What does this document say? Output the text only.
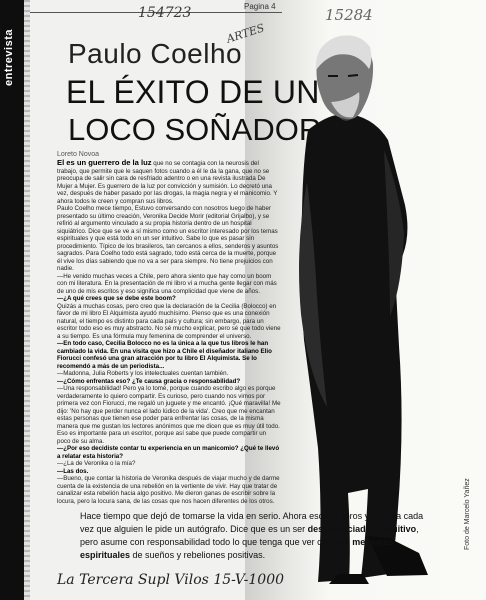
entrevista
Pagina 4
154723
ARTES
15284
Paulo Coelho
EL ÉXITO DE UN
LOCO SOÑADOR
Loreto Novoa

El es un guerrero de la luz que no se contagia con la neurosis del trabajo, que permite que le saquen fotos cuando a él le da la gana, que no se preocupa de salir sin cara de resfriado adentro o en una revista ilustrada De Mujer a Mujer. Es guerrero de la luz por convicción y sumisión. Lo decretó una vez, después de haber pasado por las drogas, la magia negra y el manicomio. Y ahora todos le creen y compran sus libros.

Paulo Coelho mece tiempo, Estuvo conversando con nosotros luego de haber presentado su último creación, Veronika Decide Morir (editorial Grijalbo), y se refirió al argumento vinculado a su propia historia dentro de un hospital siquiátrico. Dice que se ve a sí mismo como un escritor interesado por los temas espirituales y que está todo en un ser intuitivo. Sabe lo que es pasar sin procedimiento. Típico de los brasileros, tan cercanos a ellos, senderos y asuntos sagrados. Para Coelho todo está sagrado, todo está cerca de la muerte, porque él vive los días sabiendo que no va a ser para siempre. No tiene prejuicios con nadie.

—He venido muchas veces a Chile, pero ahora siento que hay como un boom con mi literatura. En la presentación de mi libro vi a mucha gente llegar con más de uno de mis escritos y eso significa una complicidad que viene de años.

—¿A qué crees que se debe este boom?

Quizás a muchas cosas, pero creo que la declaración de la Cecilia (Bolocco) en favor de mi libro El Alquimista ayudó muchísimo. Pienso que es una conexión natural, el tiempo es distinto para cada país y cultura; sin embargo, para un escritor todo eso es muy abstracto. No sé mucho explicar, pero sé que todo viene a su tiempo. Es una fórmula muy femenina de comprender el universo.

—En todo caso, Cecilia Bolocco no es la única a la que tus libros le han cambiado la vida. En una visita que hizo a Chile el diseñador italiano Elio Fiorucci confesó una gran atracción por tu libro El Alquimista. Se lo recomendó a más de un periodista...

—Madonna, Julia Roberts y los intelectuales cuentan también.

—¿Cómo enfrentas eso? ¿Te causa gracia o responsabilidad?

—Una responsabilidad! Pero ya lo tomé, porque cuando escribo algo es porque verdaderamente lo quiero compartir. Es curioso, pero cuando nos vimos por primera vez con Fiorucci, me regaló un juguete y me encantó. ¡Qué maravilla! Me dijo: 'No hay que perder nunca el lado lúdico de la vida'. Creo que me encantan estas personas que tienen ese poder para enfrentar las cosas, de la misma manera que me gustan los lectores anónimos que me dicen que es muy útil todo. Eso es importante para un escritor, porque así sabe que puede compartir un poco de su alma.

—¿Por eso decidiste contar tu experiencia en un manicomio? ¿Qué te llevó a relatar esta historia?

—¿La de Veronika o la mía?

—Las dos.

—Bueno, que contar la historia de Veronika después de viajar mucho y de darme cuenta de la existencia de una rebelión en la vertiente de vivir. Hay que tratar de canalizar esta rebelión hacia algo positivo. Me dieron ganas de escribir sobre la locura, pero la locura sana, de las cosas que nos hacen diferentes de los otros.

Hace tiempo que dejó de tomarse la vida en serio. Ahora escribe libros y disfruta cada vez que alguien le pide un autógrafo. Dice que es un ser desprejuiciado e intuitivo, pero asume con responsabilidad todo lo que tenga que ver con sus mensajes espirituales de sueños y rebeliones positivas.
La Tercera Supl Vilos 15-V-1000
Foto de Marcelo Yañez
